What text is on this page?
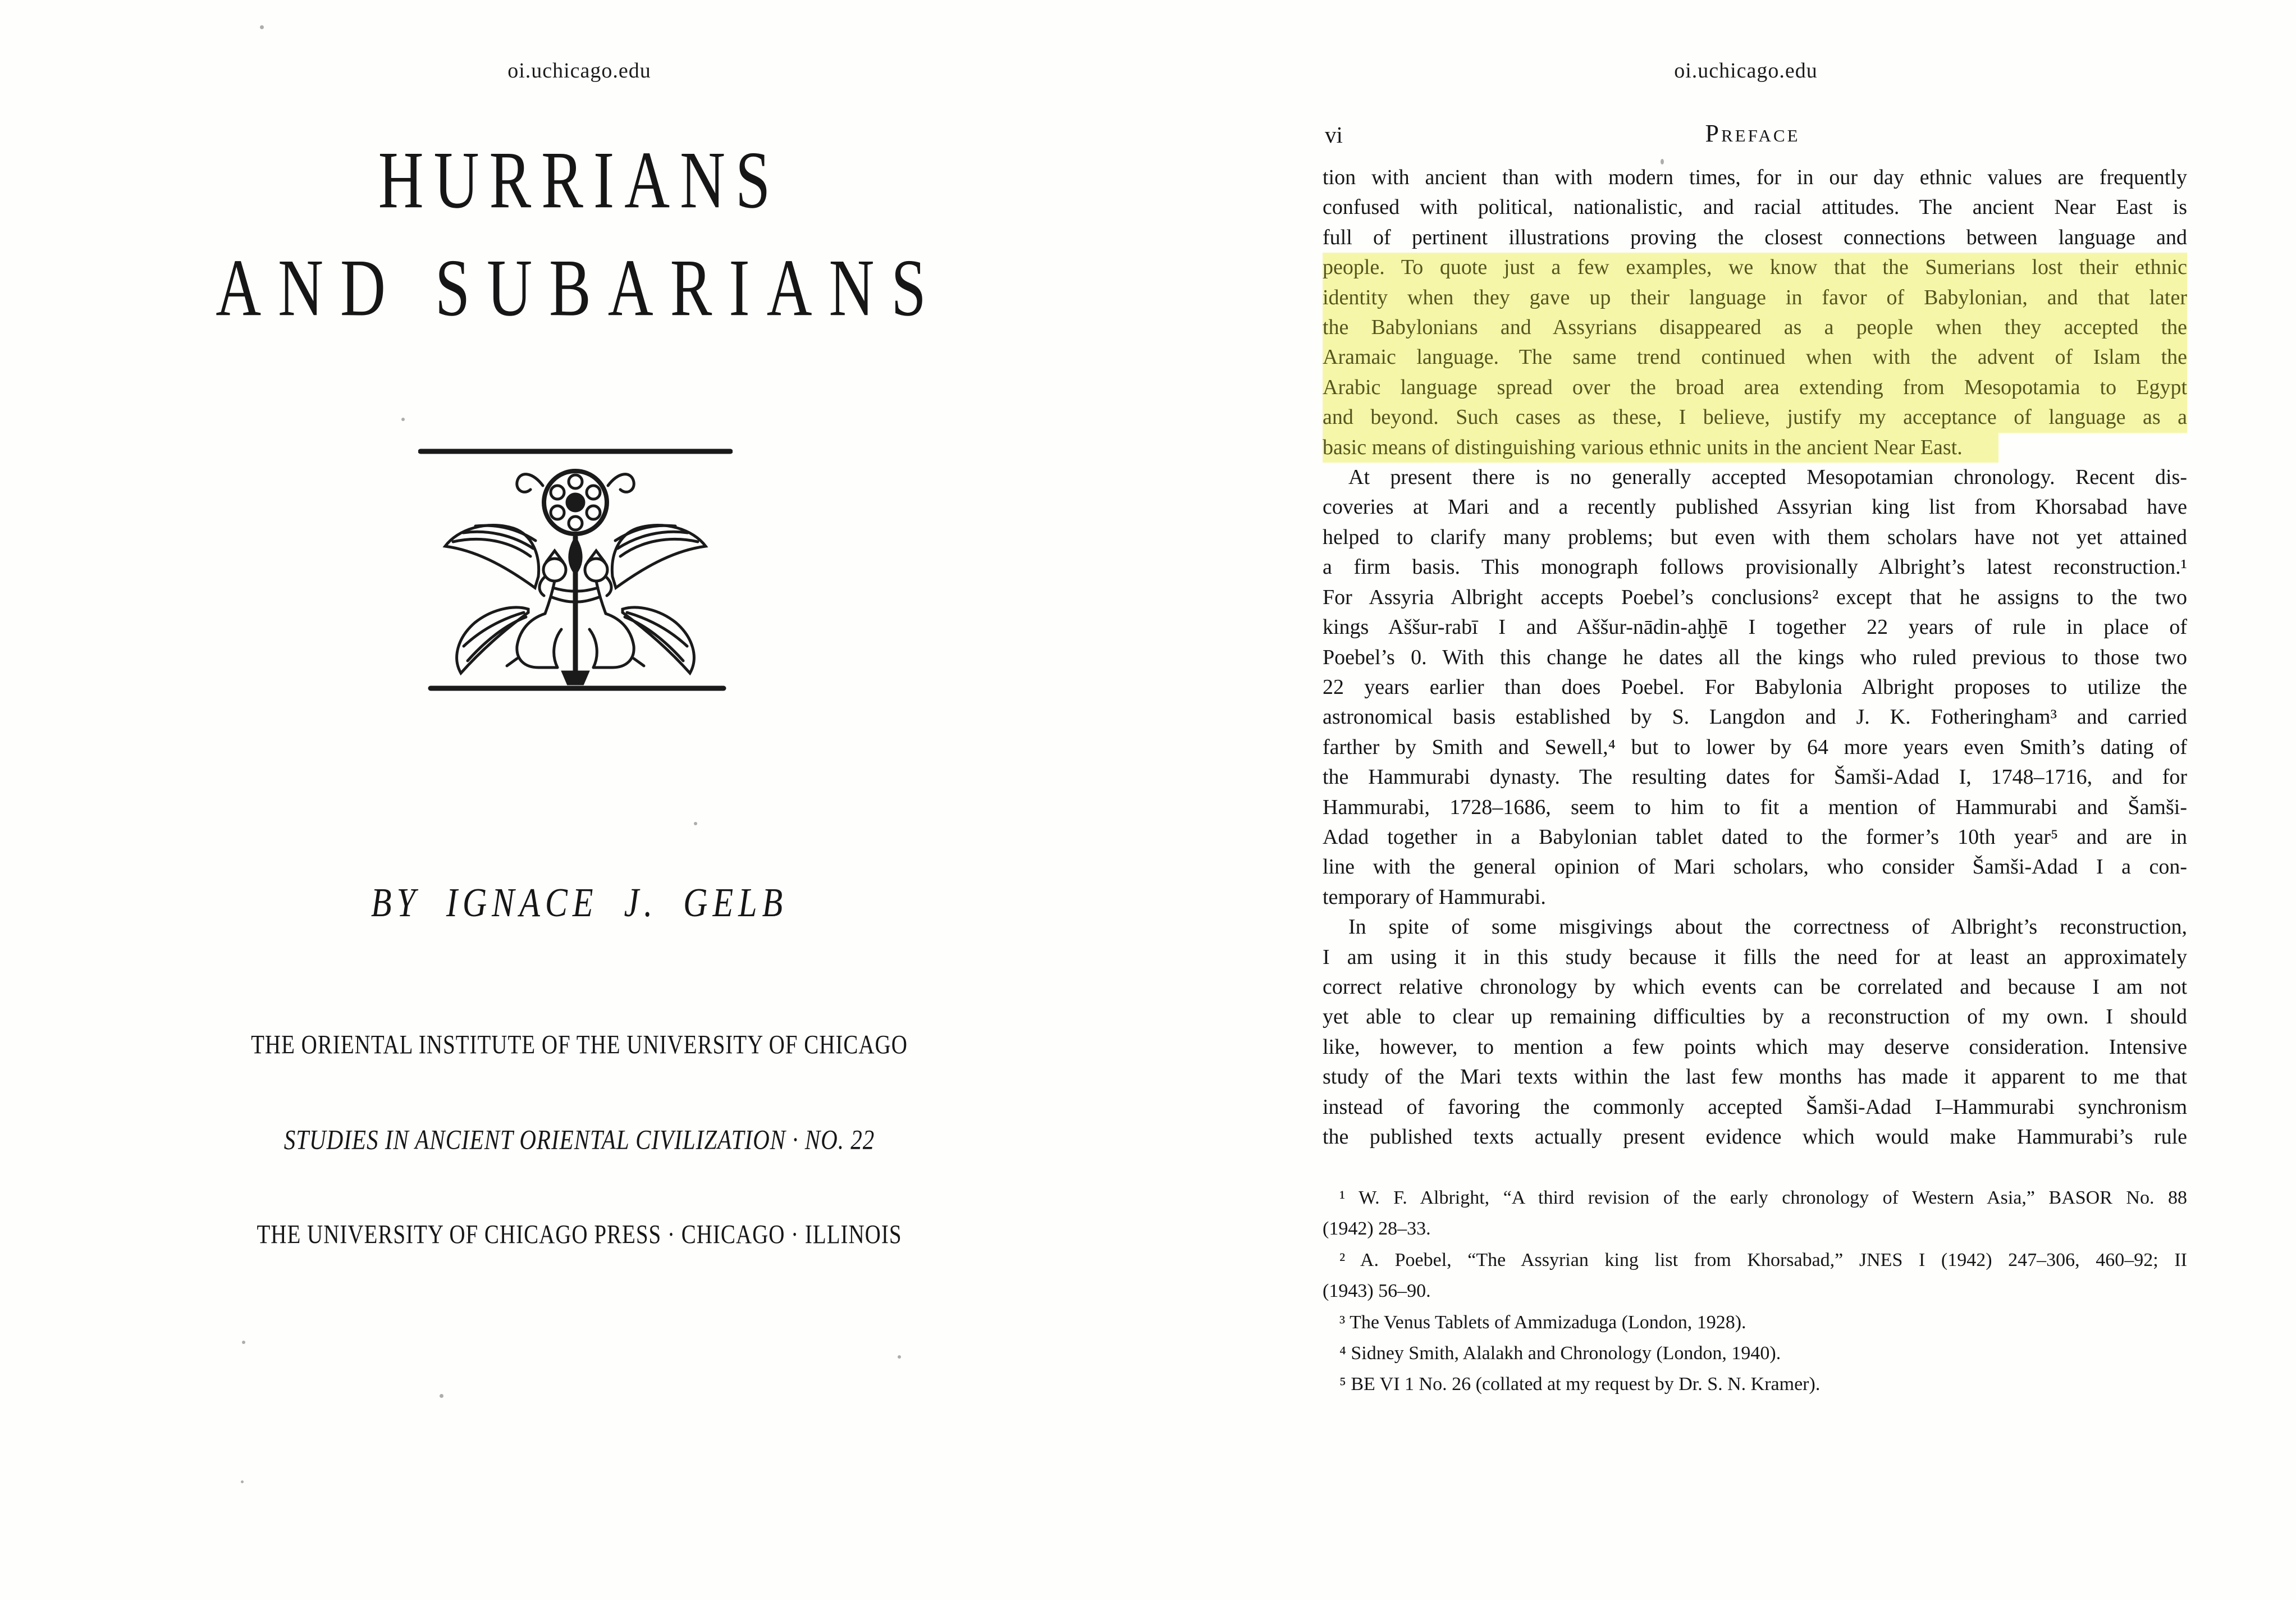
oi.uchicago.edu
HURRIANS
AND SUBARIANS
BY IGNACE J. GELB
THE ORIENTAL INSTITUTE OF THE UNIVERSITY OF CHICAGO
STUDIES IN ANCIENT ORIENTAL CIVILIZATION · NO. 22
THE UNIVERSITY OF CHICAGO PRESS · CHICAGO · ILLINOIS
oi.uchicago.edu
vi	Preface
tion with ancient than with modern times, for in our day ethnic values are frequently
confused with political, nationalistic, and racial attitudes. The ancient Near East is
full of pertinent illustrations proving the closest connections between language and
people. To quote just a few examples, we know that the Sumerians lost their ethnic
identity when they gave up their language in favor of Babylonian, and that later
the Babylonians and Assyrians disappeared as a people when they accepted the
Aramaic language. The same trend continued when with the advent of Islam the
Arabic language spread over the broad area extending from Mesopotamia to Egypt
and beyond. Such cases as these, I believe, justify my acceptance of language as a
basic means of distinguishing various ethnic units in the ancient Near East.
At present there is no generally accepted Mesopotamian chronology. Recent dis-
coveries at Mari and a recently published Assyrian king list from Khorsabad have
helped to clarify many problems; but even with them scholars have not yet attained
a firm basis. This monograph follows provisionally Albright’s latest reconstruction.¹
For Assyria Albright accepts Poebel’s conclusions² except that he assigns to the two
kings Aššur-rabī I and Aššur-nādin-aḫḫē I together 22 years of rule in place of
Poebel’s 0. With this change he dates all the kings who ruled previous to those two
22 years earlier than does Poebel. For Babylonia Albright proposes to utilize the
astronomical basis established by S. Langdon and J. K. Fotheringham³ and carried
farther by Smith and Sewell,⁴ but to lower by 64 more years even Smith’s dating of
the Hammurabi dynasty. The resulting dates for Šamši-Adad I, 1748–1716, and for
Hammurabi, 1728–1686, seem to him to fit a mention of Hammurabi and Šamši-
Adad together in a Babylonian tablet dated to the former’s 10th year⁵ and are in
line with the general opinion of Mari scholars, who consider Šamši-Adad I a con-
temporary of Hammurabi.
In spite of some misgivings about the correctness of Albright’s reconstruction,
I am using it in this study because it fills the need for at least an approximately
correct relative chronology by which events can be correlated and because I am not
yet able to clear up remaining difficulties by a reconstruction of my own. I should
like, however, to mention a few points which may deserve consideration. Intensive
study of the Mari texts within the last few months has made it apparent to me that
instead of favoring the commonly accepted Šamši-Adad I–Hammurabi synchronism
the published texts actually present evidence which would make Hammurabi’s rule
¹ W. F. Albright, “A third revision of the early chronology of Western Asia,” BASOR No. 88
(1942) 28–33.
² A. Poebel, “The Assyrian king list from Khorsabad,” JNES I (1942) 247–306, 460–92; II
(1943) 56–90.
³ The Venus Tablets of Ammizaduga (London, 1928).
⁴ Sidney Smith, Alalakh and Chronology (London, 1940).
⁵ BE VI 1 No. 26 (collated at my request by Dr. S. N. Kramer).
